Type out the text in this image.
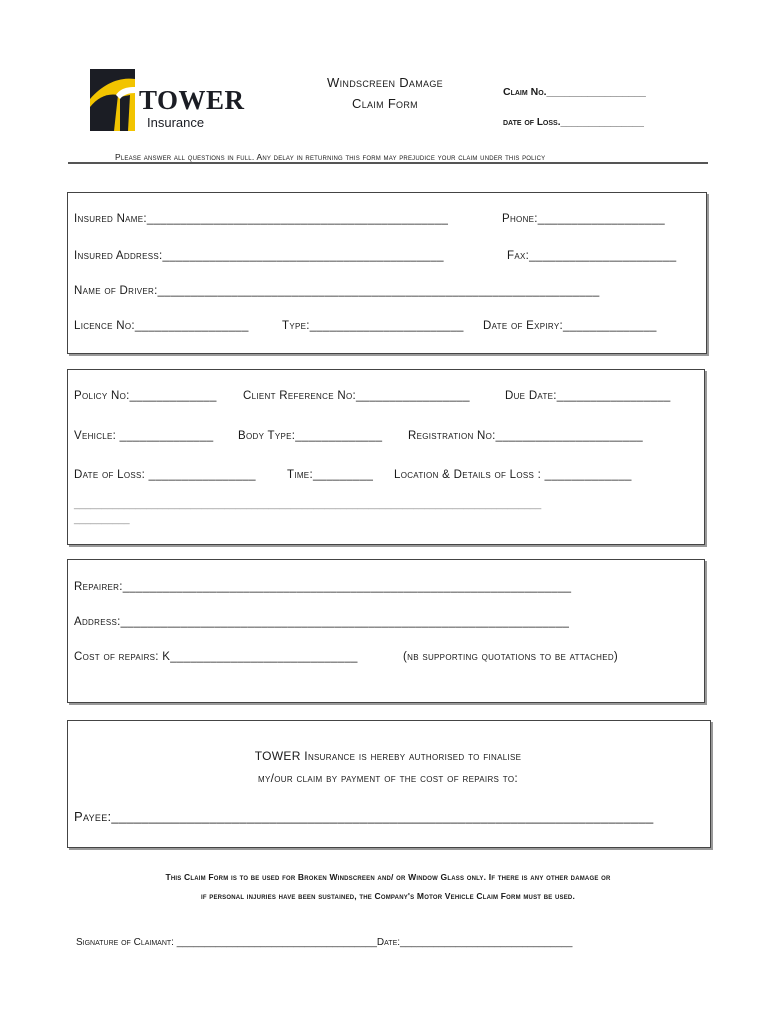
TOWER
Insurance
Windscreen Damage
Claim Form
Claim No._________________
date of Loss._______________
Please answer all questions in full. Any delay in returning this form may prejudice your claim under this policy
Insured Name:_____________________________________________	Phone:___________________
Insured Address:__________________________________________	Fax:______________________
Name of Driver:__________________________________________________________________
Licence No:_________________	Type:_______________________ Date of Expiry:______________
Policy No:_____________ Client Reference No:_________________	Due Date:_________________
Vehicle: ______________ Body Type:_____________ Registration No:______________________
Date of Loss: ________________	Time:_________ Location & Details of Loss : _____________
____________________________________________________________________________________
__________
Repairer:___________________________________________________________________
Address:___________________________________________________________________
Cost of repairs: K____________________________	(nb supporting quotations to be attached)
TOWER Insurance is hereby authorised to finalise
my/our claim by payment of the cost of repairs to:
Payee:________________________________________________________________________
This Claim Form is to be used for Broken Windscreen and/ or Window Glass only. If there is any other damage or
if personal injuries have been sustained, the Company's Motor Vehicle Claim Form must be used.
Signature of Claimant: ____________________________________Date:_______________________________
